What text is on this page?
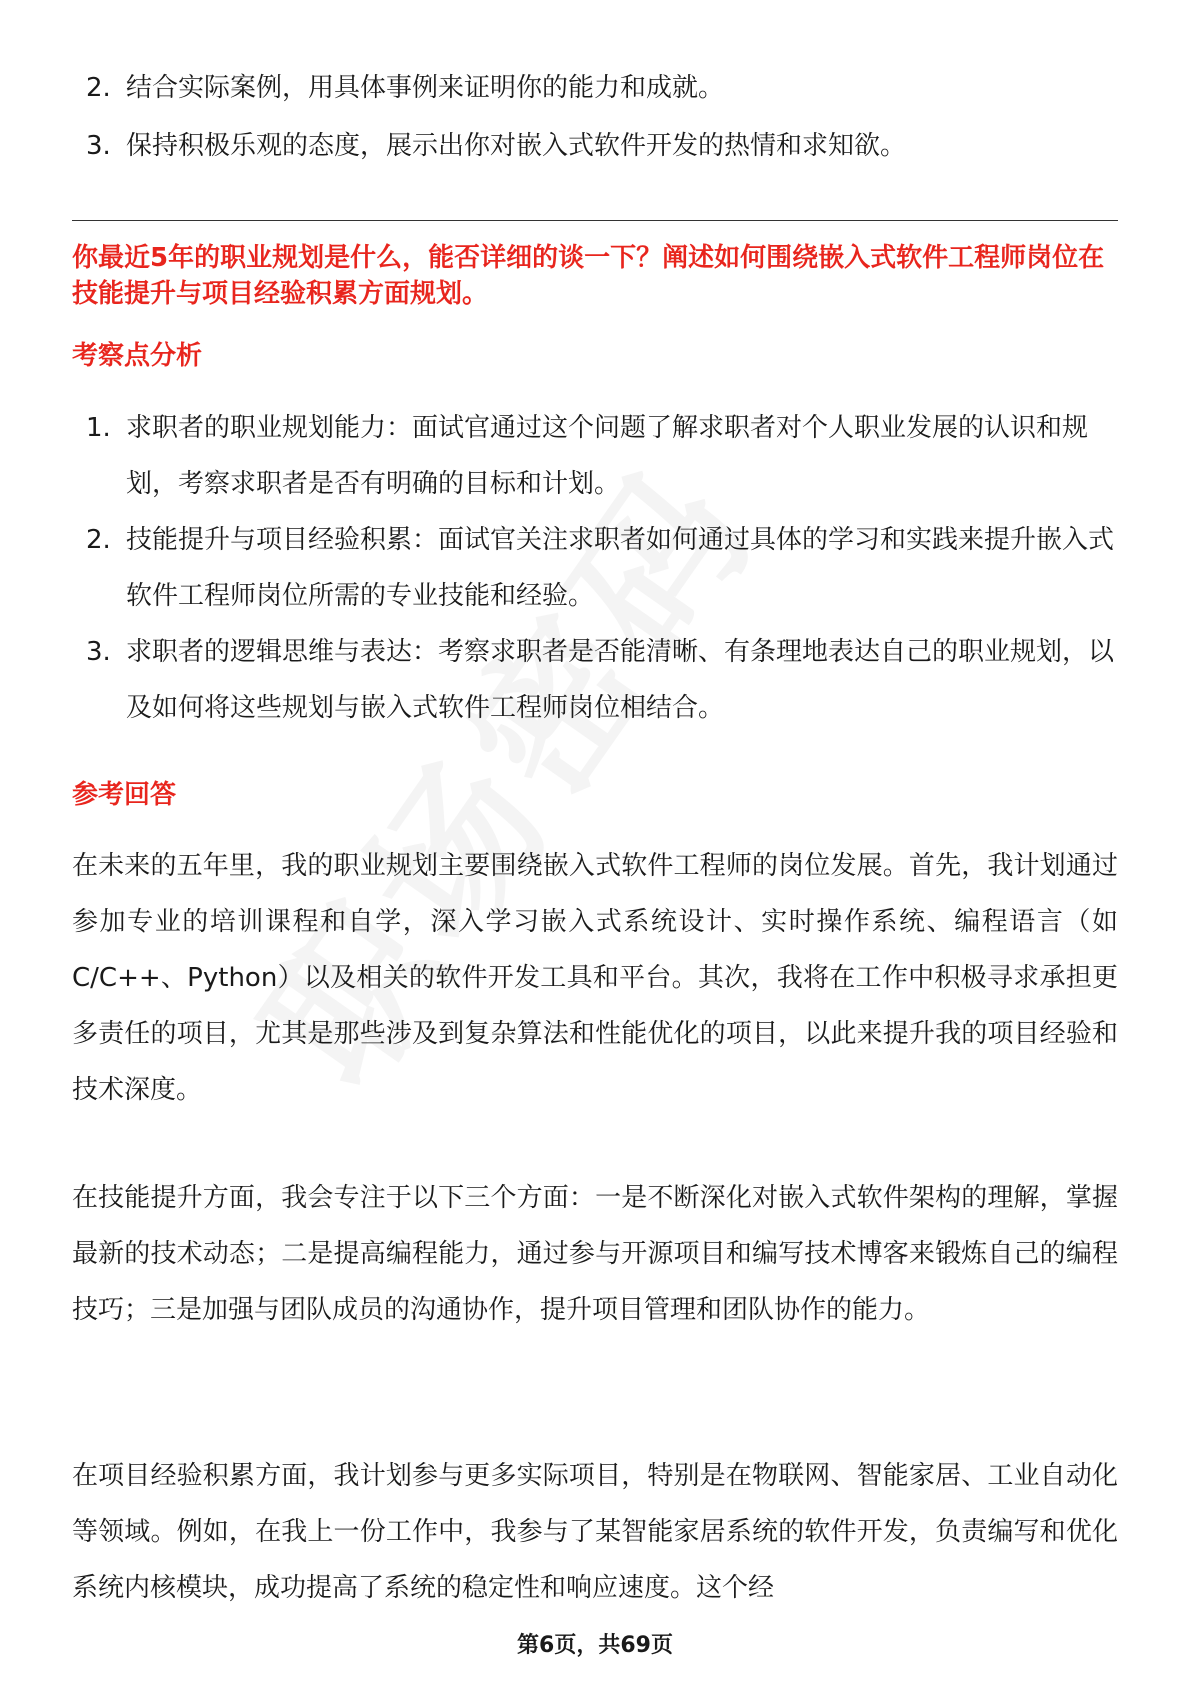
2. 结合实际案例，用具体事例来证明你的能力和成就。
3. 保持积极乐观的态度，展示出你对嵌入式软件开发的热情和求知欲。

你最近5年的职业规划是什么，能否详细的谈一下？阐述如何围绕嵌入式软件工程师岗位在技能提升与项目经验积累方面规划。

考察点分析
1. 求职者的职业规划能力：面试官通过这个问题了解求职者对个人职业发展的认识和规划，考察求职者是否有明确的目标和计划。
2. 技能提升与项目经验积累：面试官关注求职者如何通过具体的学习和实践来提升嵌入式软件工程师岗位所需的专业技能和经验。
3. 求职者的逻辑思维与表达：考察求职者是否能清晰、有条理地表达自己的职业规划，以及如何将这些规划与嵌入式软件工程师岗位相结合。
参考回答

在未来的五年里，我的职业规划主要围绕嵌入式软件工程师的岗位发展。首先，我计划通过参加专业的培训课程和自学，深入学习嵌入式系统设计、实时操作系统、编程语言（如C/C++、Python）以及相关的软件开发工具和平台。其次，我将在工作中积极寻求承担更多责任的项目，尤其是那些涉及到复杂算法和性能优化的项目，以此来提升我的项目经验和技术深度。

在技能提升方面，我会专注于以下三个方面：一是不断深化对嵌入式软件架构的理解，掌握最新的技术动态；二是提高编程能力，通过参与开源项目和编写技术博客来锻炼自己的编程技巧；三是加强与团队成员的沟通协作，提升项目管理和团队协作的能力。

在项目经验积累方面，我计划参与更多实际项目，特别是在物联网、智能家居、工业自动化等领域。例如，在我上一份工作中，我参与了某智能家居系统的软件开发，负责编写和优化系统内核模块，成功提高了系统的稳定性和响应速度。这个经

第6页，共69页
